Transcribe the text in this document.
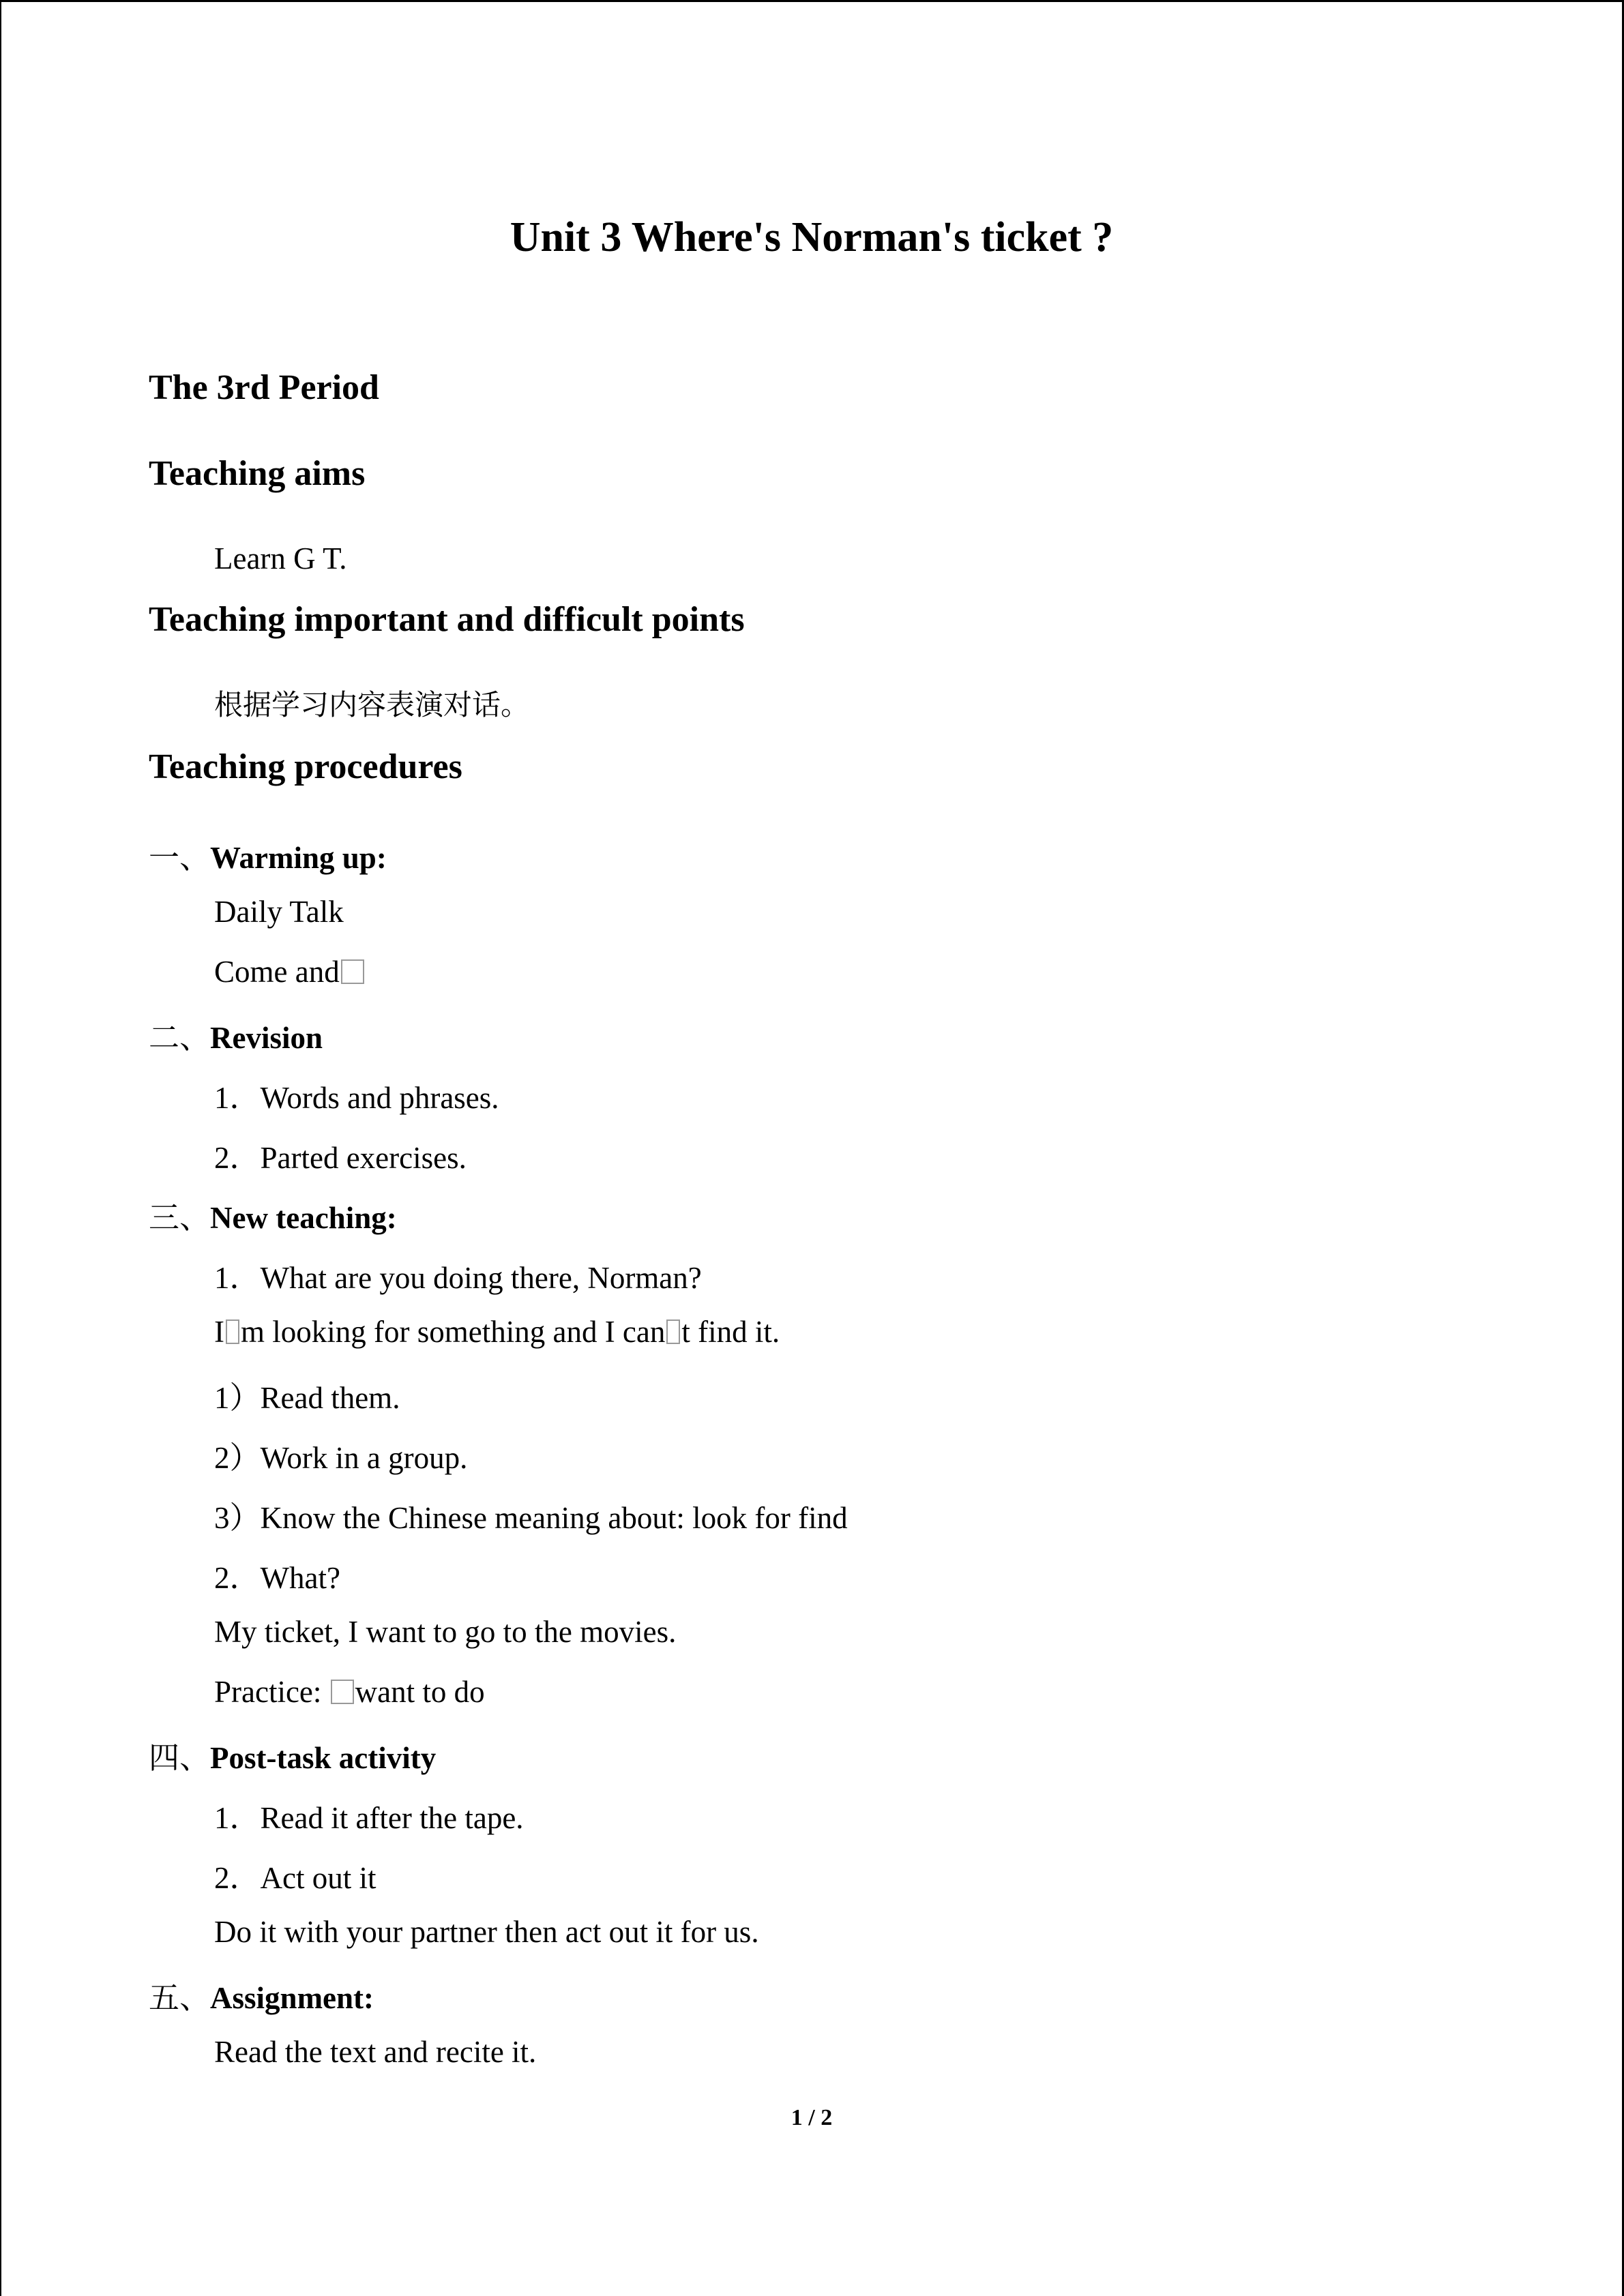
Unit 3 Where's Norman's ticket ?
The 3rd Period
Teaching aims
Learn G T.
Teaching important and difficult points
根据学习内容表演对话。
Teaching procedures
一、Warming up:
Daily Talk
Come and
二、Revision
1．Words and phrases.
2．Parted exercises.
三、New teaching:
1．What are you doing there, Norman?
I m looking for something and I can t find it.
1）Read them.
2）Work in a group.
3）Know the Chinese meaning about: look for find
2．What?
My ticket, I want to go to the movies.
Practice: want to do
四、Post-task activity
1．Read it after the tape.
2．Act out it
Do it with your partner then act out it for us.
五、Assignment:
Read the text and recite it.
1 / 2
